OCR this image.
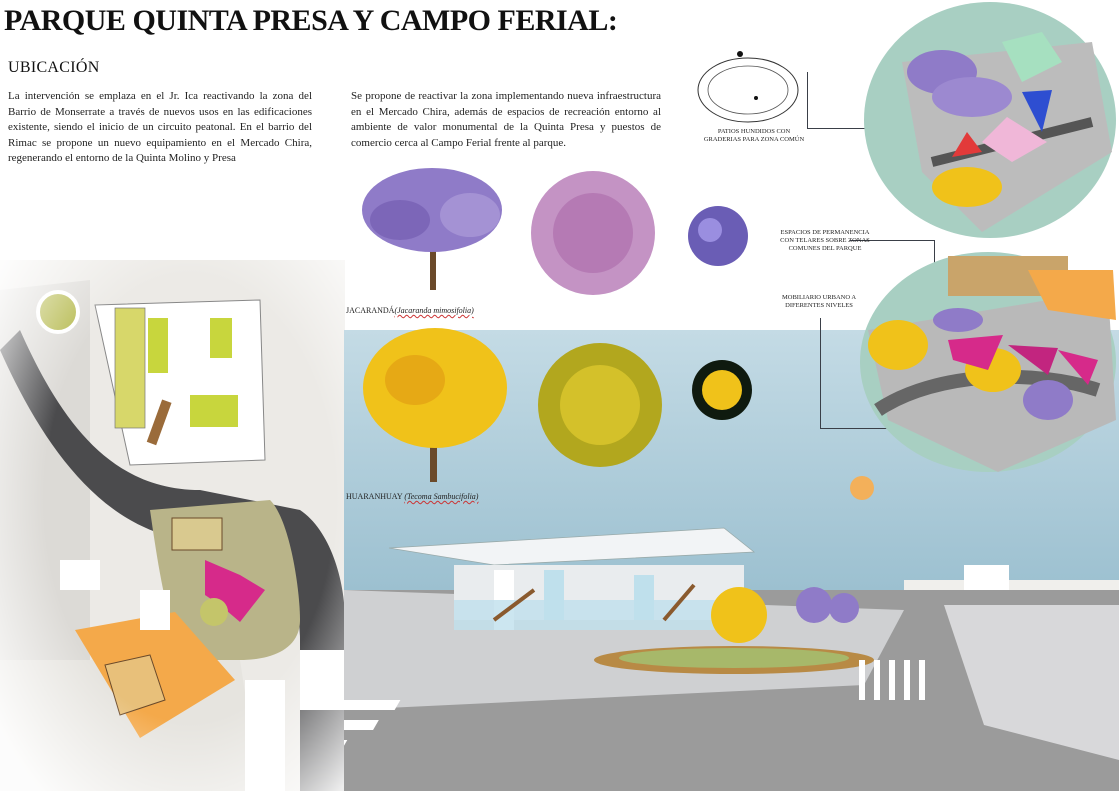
PARQUE QUINTA PRESA Y CAMPO FERIAL:
UBICACIÓN
La intervención se emplaza en el Jr. Ica reactivando la zona del Barrio de Monserrate a través de nuevos usos en las edificaciones existente, siendo el inicio de un circuito peatonal. En el barrio del Rimac se propone un nuevo equipamiento en el Mercado Chira, regenerando el entorno de la Quinta Molino y Presa
Se propone de reactivar la zona implementando nueva infraestructura en el Mercado Chira, además de espacios de recreación entorno al ambiente de valor monumental de la Quinta Presa y puestos de comercio cerca al Campo Ferial frente al parque.
JACARANDÁ(Jacaranda mimosifolia)
HUARANHUAY (Tecoma Sambucifolia)
PATIOS HUNDIDOS CON GRADERIAS PARA ZONA COMÚN
ESPACIOS DE PERMANENCIA CON TELARES SOBRE ZONAS COMUNES DEL PARQUE
MOBILIARIO URBANO A DIFERENTES NIVELES
